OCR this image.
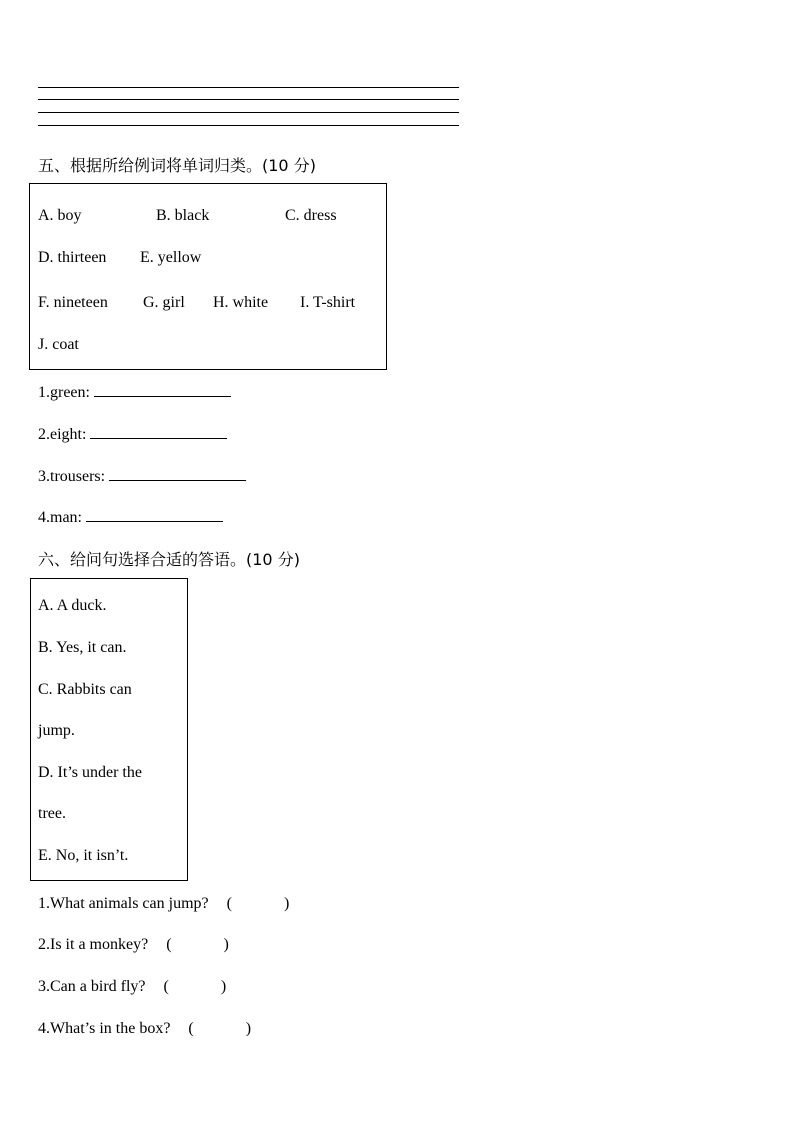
五、根据所给例词将单词归类。(10 分)
A. boy	B. black	C. dress
D. thirteen E. yellow
F. nineteen G. girl H. white I. T-shirt
J. coat
1.green:
2.eight:
3.trousers:
4.man:
六、给问句选择合适的答语。(10 分)
A. A duck.
B. Yes, it can.
C. Rabbits can
jump.
D. It’s under the
tree.
E. No, it isn’t.
1.What animals can jump? (	)
2.Is it a monkey? (	)
3.Can a bird fly? (	)
4.What’s in the box? (	)
